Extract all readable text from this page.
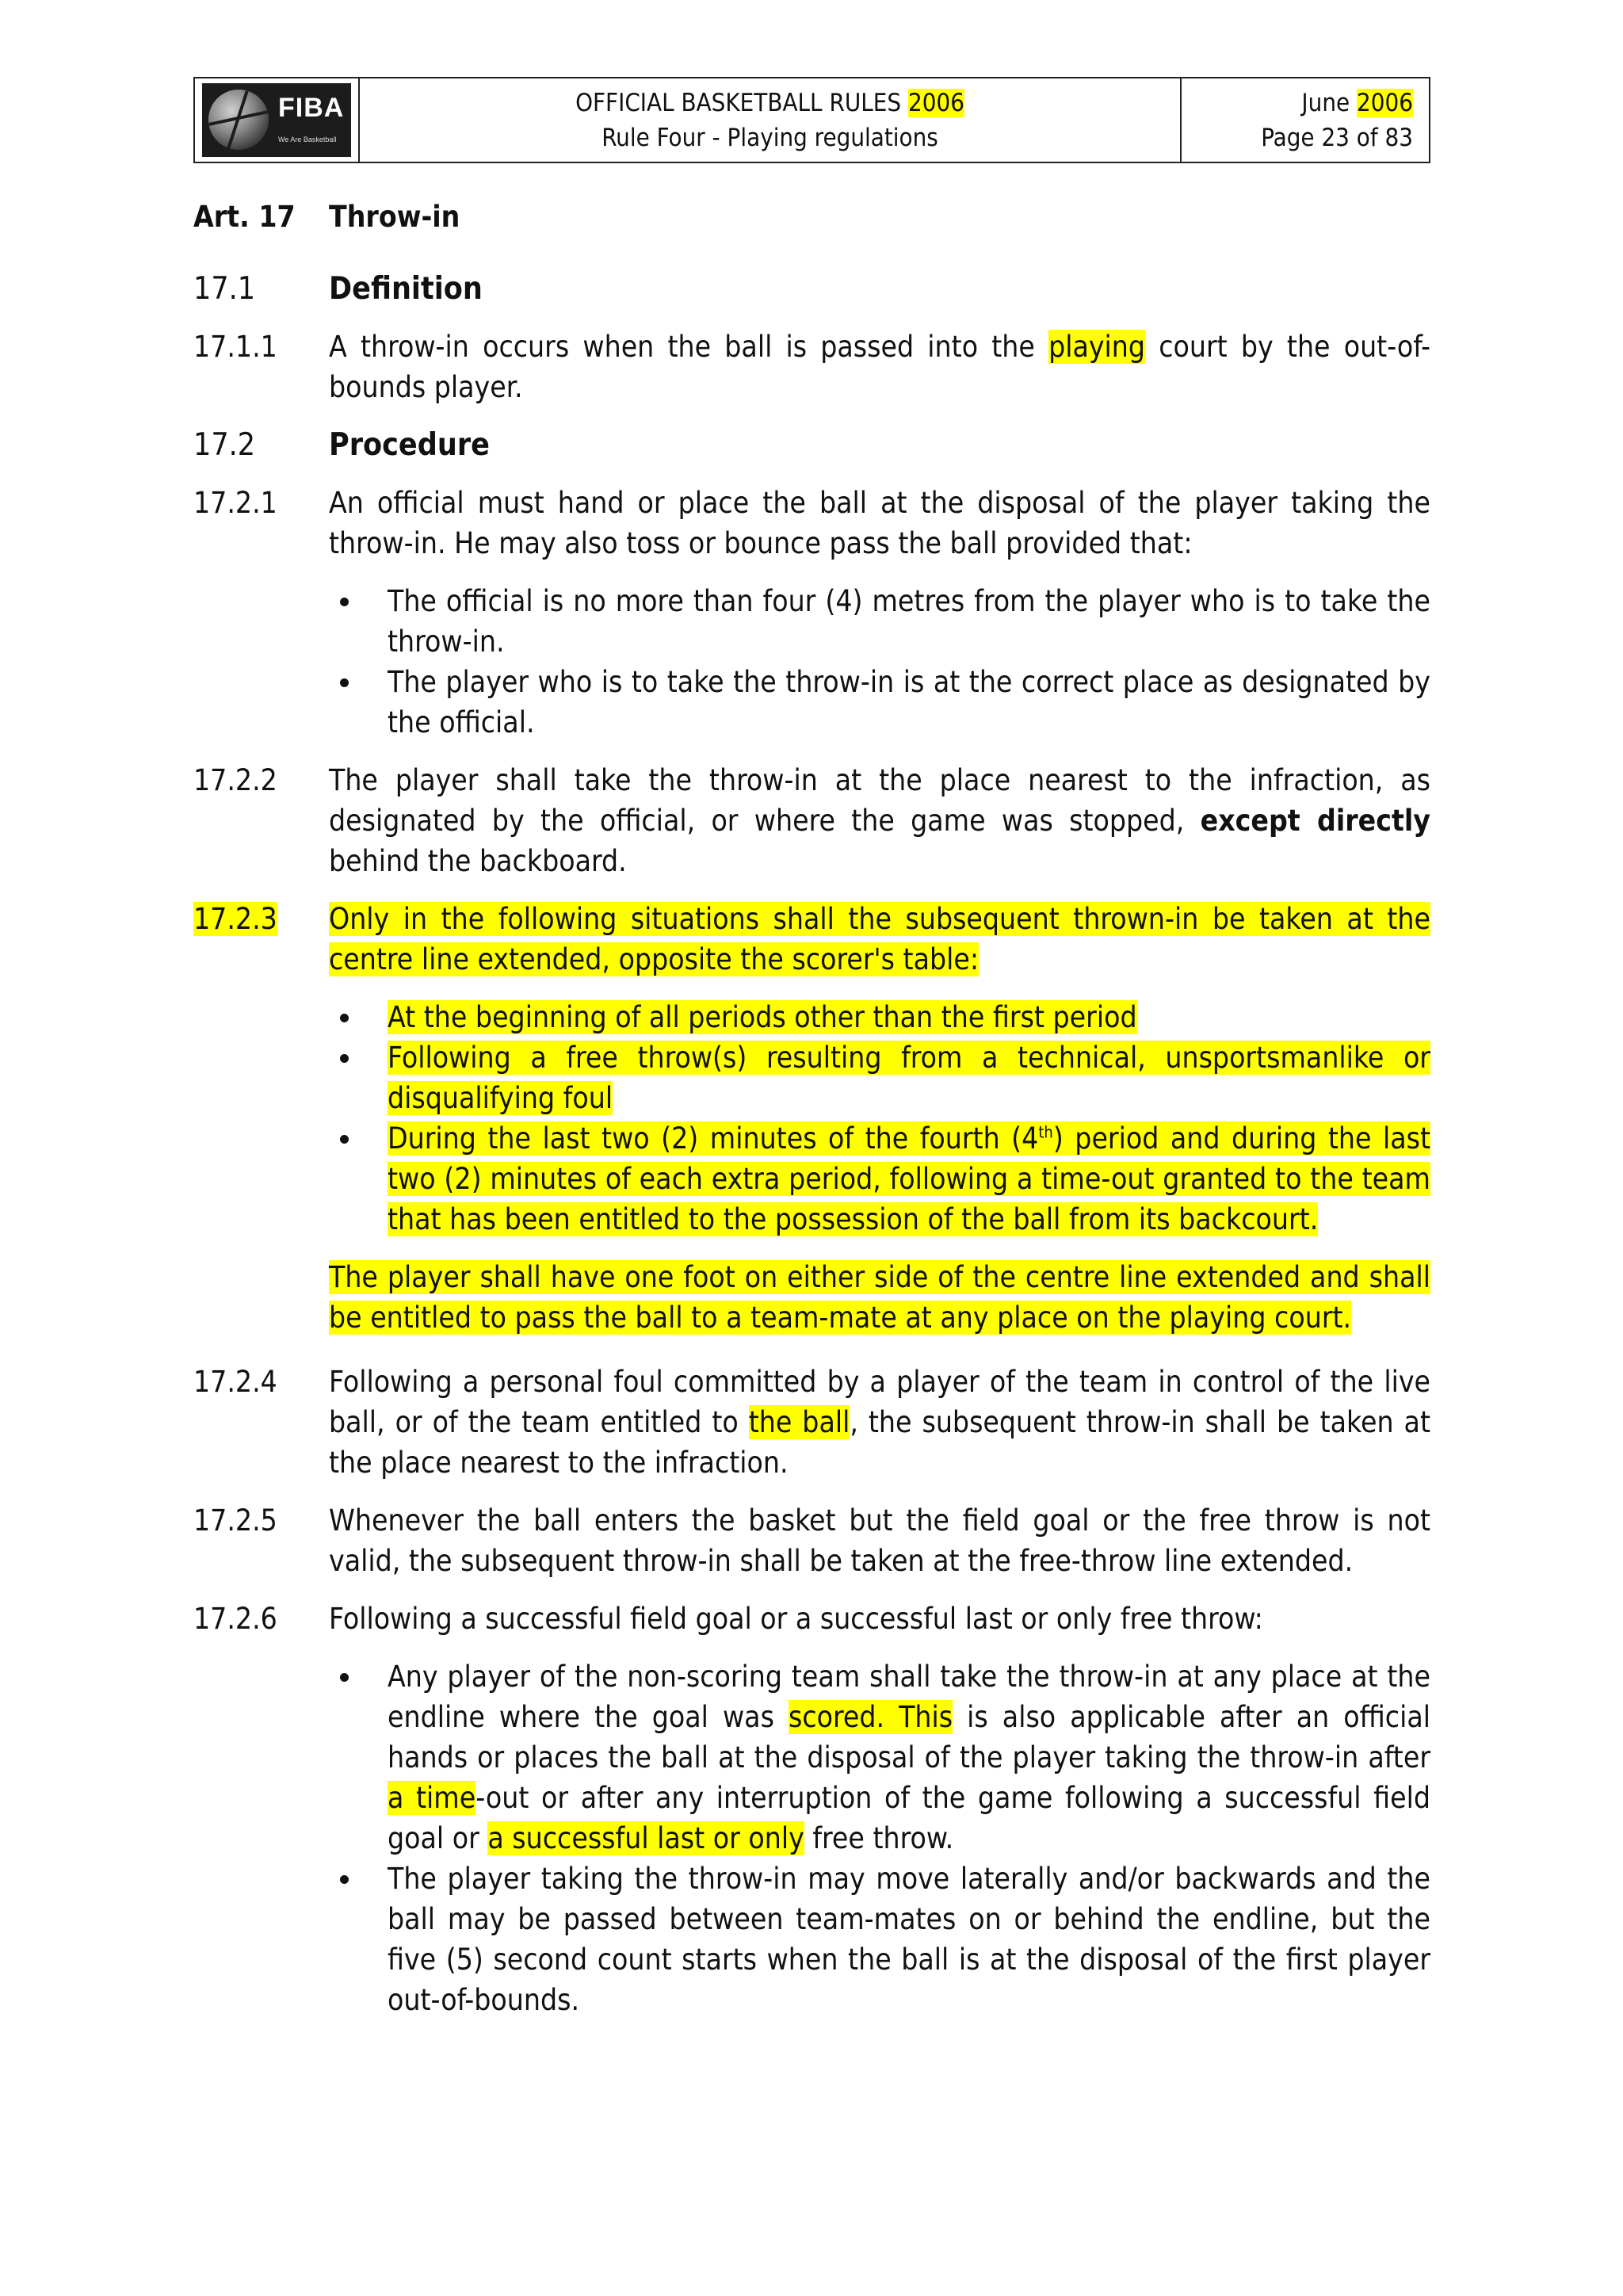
FIBA
We Are Basketball
OFFICIAL BASKETBALL RULES 2006
Rule Four - Playing regulations
June 2006
Page 23 of 83
Art. 17	Throw-in
17.1	Definition
17.1.1	A throw-in occurs when the ball is passed into the playing court by the out-of-bounds player.
17.2	Procedure
17.2.1	An official must hand or place the ball at the disposal of the player taking the throw-in. He may also toss or bounce pass the ball provided that:
The official is no more than four (4) metres from the player who is to take the throw-in.
The player who is to take the throw-in is at the correct place as designated by the official.
17.2.2	The player shall take the throw-in at the place nearest to the infraction, as designated by the official, or where the game was stopped, except directly behind the backboard.
17.2.3	Only in the following situations shall the subsequent thrown-in be taken at the centre line extended, opposite the scorer's table:
At the beginning of all periods other than the first period
Following a free throw(s) resulting from a technical, unsportsmanlike or disqualifying foul
During the last two (2) minutes of the fourth (4th) period and during the last two (2) minutes of each extra period, following a time-out granted to the team that has been entitled to the possession of the ball from its backcourt.
The player shall have one foot on either side of the centre line extended and shall be entitled to pass the ball to a team-mate at any place on the playing court.
17.2.4	Following a personal foul committed by a player of the team in control of the live ball, or of the team entitled to the ball, the subsequent throw-in shall be taken at the place nearest to the infraction.
17.2.5	Whenever the ball enters the basket but the field goal or the free throw is not valid, the subsequent throw-in shall be taken at the free-throw line extended.
17.2.6	Following a successful field goal or a successful last or only free throw:
Any player of the non-scoring team shall take the throw-in at any place at the endline where the goal was scored. This is also applicable after an official hands or places the ball at the disposal of the player taking the throw-in after a time-out or after any interruption of the game following a successful field goal or a successful last or only free throw.
The player taking the throw-in may move laterally and/or backwards and the ball may be passed between team-mates on or behind the endline, but the five (5) second count starts when the ball is at the disposal of the first player out-of-bounds.
